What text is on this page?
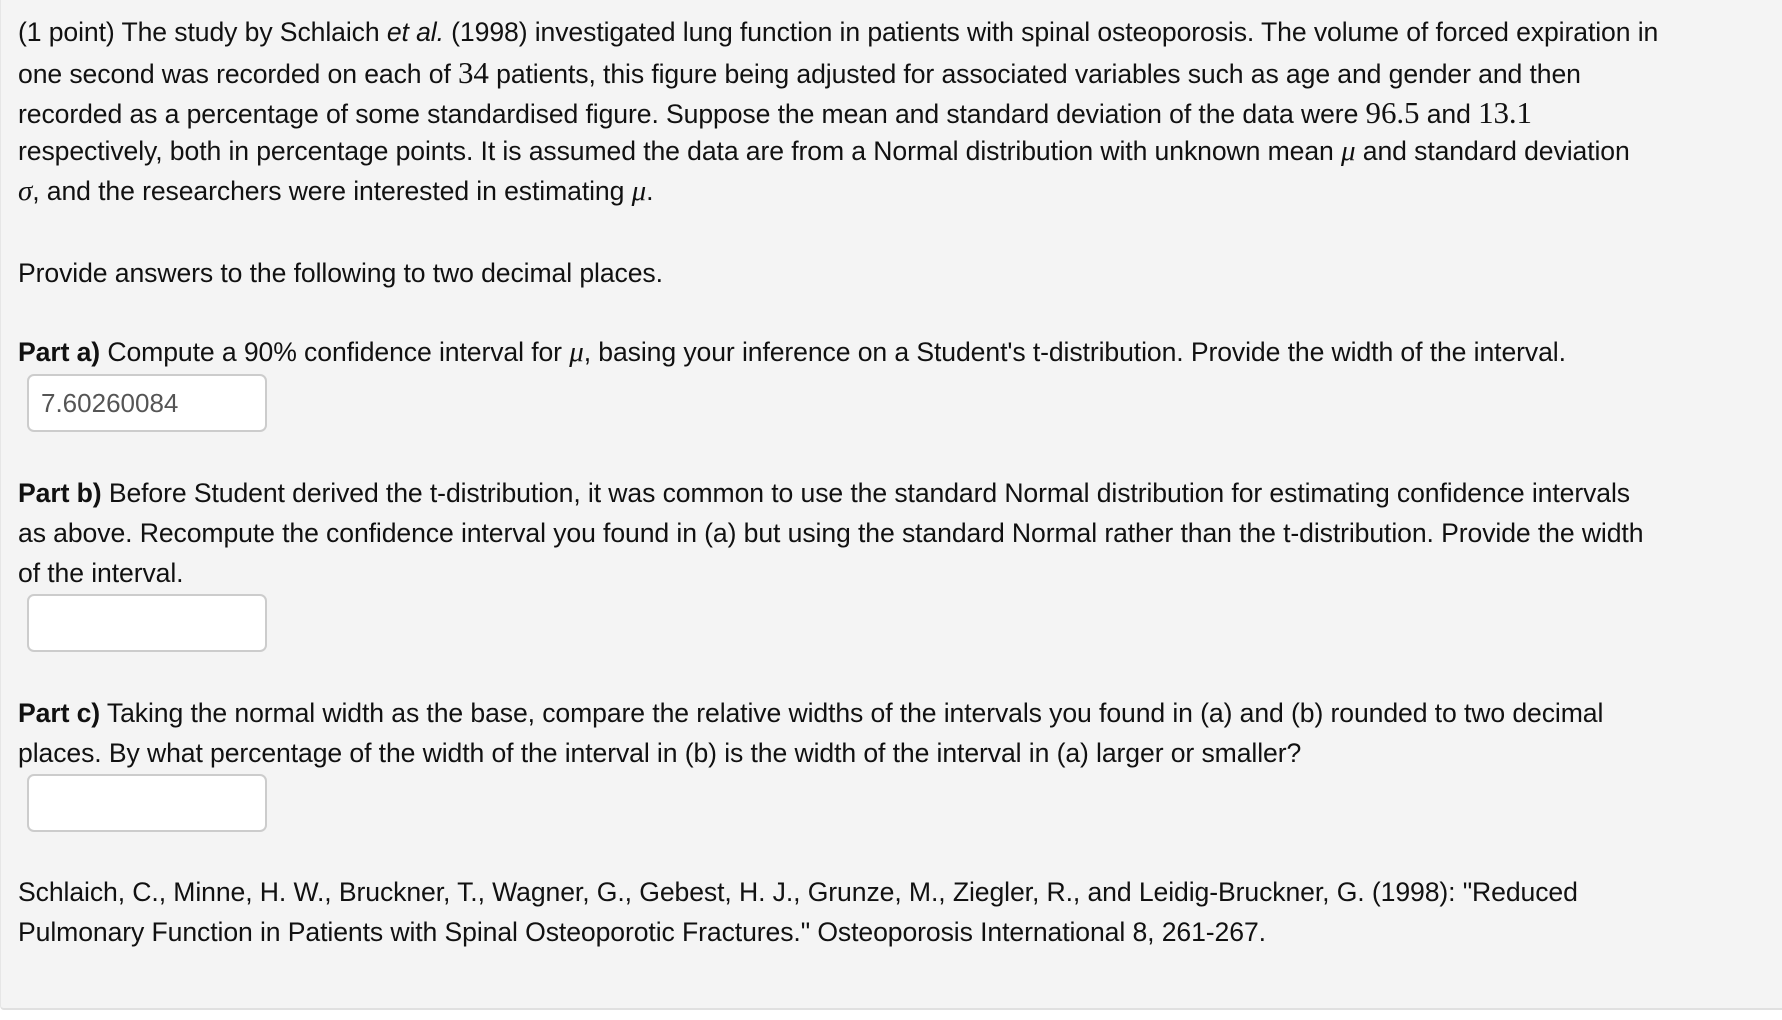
(1 point) The study by Schlaich et al. (1998) investigated lung function in patients with spinal osteoporosis. The volume of forced expiration in
one second was recorded on each of 34 patients, this figure being adjusted for associated variables such as age and gender and then
recorded as a percentage of some standardised figure. Suppose the mean and standard deviation of the data were 96.5 and 13.1
respectively, both in percentage points. It is assumed the data are from a Normal distribution with unknown mean μ and standard deviation
σ, and the researchers were interested in estimating μ.
Provide answers to the following to two decimal places.
Part a) Compute a 90% confidence interval for μ, basing your inference on a Student's t-distribution. Provide the width of the interval.
7.60260084
Part b) Before Student derived the t-distribution, it was common to use the standard Normal distribution for estimating confidence intervals
as above. Recompute the confidence interval you found in (a) but using the standard Normal rather than the t-distribution. Provide the width
of the interval.
Part c) Taking the normal width as the base, compare the relative widths of the intervals you found in (a) and (b) rounded to two decimal
places. By what percentage of the width of the interval in (b) is the width of the interval in (a) larger or smaller?
Schlaich, C., Minne, H. W., Bruckner, T., Wagner, G., Gebest, H. J., Grunze, M., Ziegler, R., and Leidig-Bruckner, G. (1998): "Reduced
Pulmonary Function in Patients with Spinal Osteoporotic Fractures." Osteoporosis International 8, 261-267.
